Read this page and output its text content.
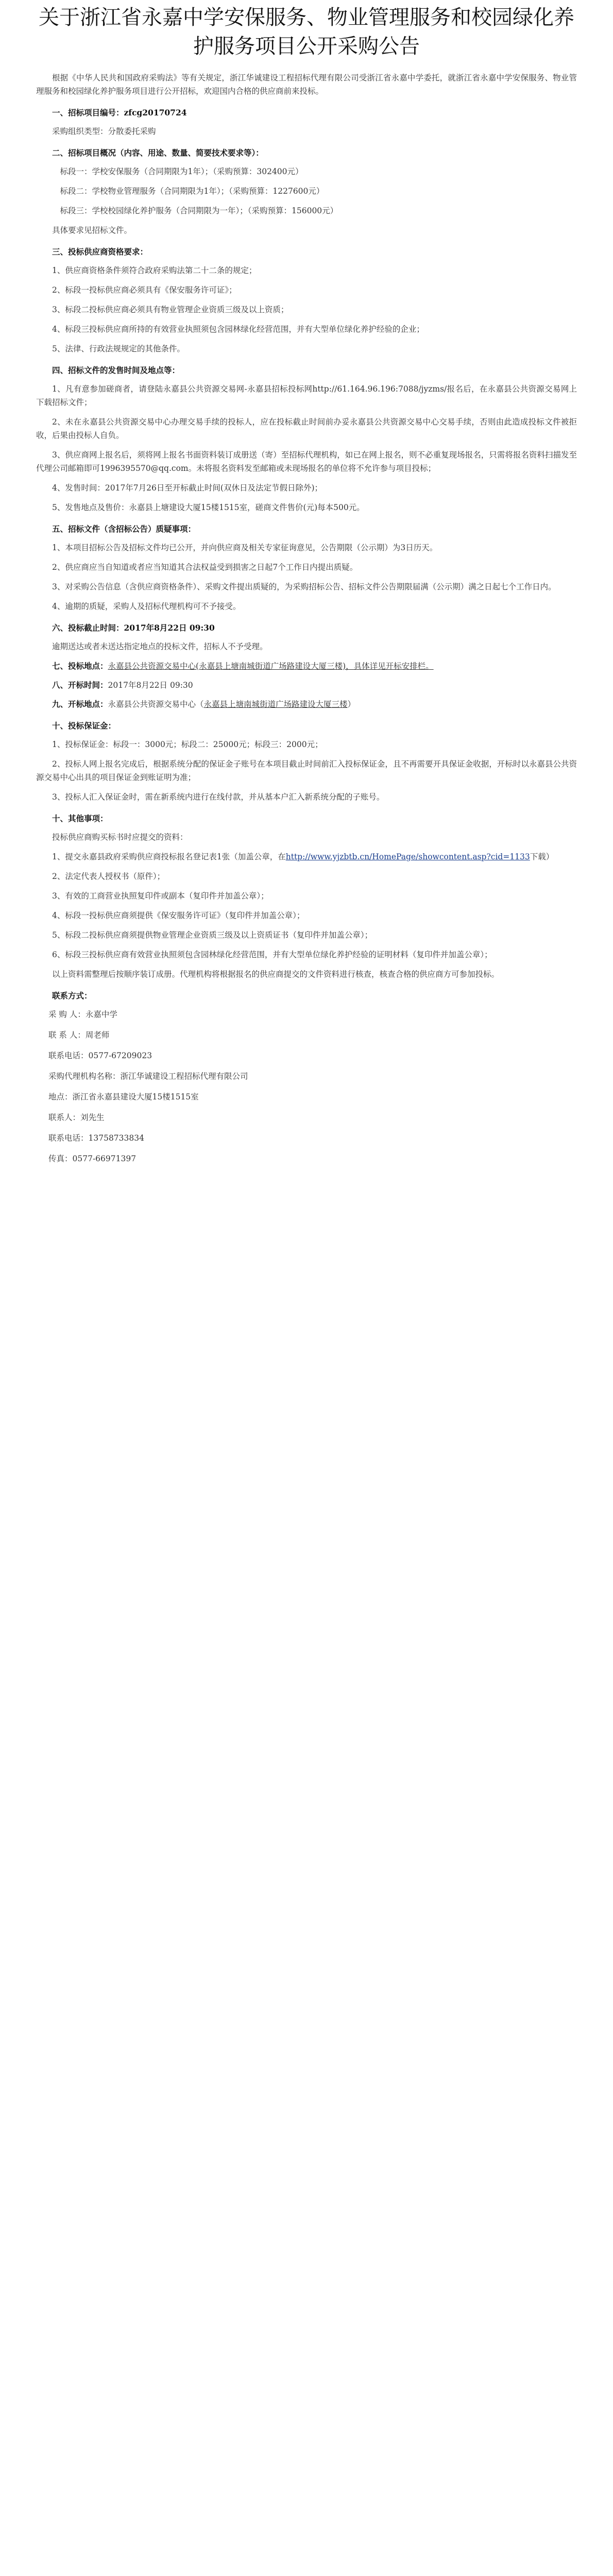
关于浙江省永嘉中学安保服务、物业管理服务和校园绿化养护服务项目公开采购公告

根据《中华人民共和国政府采购法》等有关规定，浙江华诚建设工程招标代理有限公司受浙江省永嘉中学委托，就浙江省永嘉中学安保服务、物业管理服务和校园绿化养护服务项目进行公开招标，欢迎国内合格的供应商前来投标。

一、招标项目编号：zfcg20170724

采购组织类型：分散委托采购

二、招标项目概况（内容、用途、数量、简要技术要求等）：

标段一：学校安保服务（合同期限为1年）；（采购预算：302400元）

标段二：学校物业管理服务（合同期限为1年）；（采购预算：1227600元）

标段三：学校校园绿化养护服务（合同期限为一年）；（采购预算：156000元）

具体要求见招标文件。

三、投标供应商资格要求：

1、供应商资格条件须符合政府采购法第二十二条的规定；

2、标段一投标供应商必须具有《保安服务许可证》；

3、标段二投标供应商必须具有物业管理企业资质三级及以上资质；

4、标段三投标供应商所持的有效营业执照须包含园林绿化经营范围，并有大型单位绿化养护经验的企业；

5、法律、行政法规规定的其他条件。

四、招标文件的发售时间及地点等：

1、凡有意参加磋商者，请登陆永嘉县公共资源交易网-永嘉县招标投标网http://61.164.96.196:7088/jyzms/报名后，在永嘉县公共资源交易网上下载招标文件；

2、未在永嘉县公共资源交易中心办理交易手续的投标人，应在投标截止时间前办妥永嘉县公共资源交易中心交易手续，否则由此造成投标文件被拒收，后果由投标人自负。

3、供应商网上报名后，须将网上报名书面资料装订成册送（寄）至招标代理机构，如已在网上报名，则不必重复现场报名，只需将报名资料扫描发至代理公司邮箱即可1996395570@qq.com。未将报名资料发至邮箱或未现场报名的单位将不允许参与项目投标；

4、发售时间：2017年7月26日至开标截止时间(双休日及法定节假日除外)；

5、发售地点及售价：永嘉县上塘建设大厦15楼1515室，磋商文件售价(元)每本500元。

五、招标文件（含招标公告）质疑事项：

1、本项目招标公告及招标文件均已公开，并向供应商及相关专家征询意见，公告期限（公示期）为3日历天。

2、供应商应当自知道或者应当知道其合法权益受到损害之日起7个工作日内提出质疑。

3、对采购公告信息（含供应商资格条件）、采购文件提出质疑的，为采购招标公告、招标文件公告期限届满（公示期）满之日起七个工作日内。

4、逾期的质疑，采购人及招标代理机构可不予接受。

六、投标截止时间：2017年8月22日 09:30

逾期送达或者未送达指定地点的投标文件，招标人不予受理。

七、投标地点：永嘉县公共资源交易中心(永嘉县上塘南城街道广场路建设大厦三楼)，具体详见开标安排栏。

八、开标时间：2017年8月22日 09:30

九、开标地点：永嘉县公共资源交易中心（永嘉县上塘南城街道广场路建设大厦三楼）

十、投标保证金：

1、投标保证金：标段一：3000元；标段二：25000元；标段三：2000元；

2、投标人网上报名完成后，根据系统分配的保证金子账号在本项目截止时间前汇入投标保证金，且不再需要开具保证金收据，开标时以永嘉县公共资源交易中心出具的项目保证金到账证明为准；

3、投标人汇入保证金时，需在新系统内进行在线付款，并从基本户汇入新系统分配的子账号。

十、其他事项：

投标供应商购买标书时应提交的资料：

1、提交永嘉县政府采购供应商投标报名登记表1张（加盖公章，在http://www.yjzbtb.cn/HomePage/showcontent.asp?cid=1133下载）

2、法定代表人授权书（原件）；

3、有效的工商营业执照复印件或副本（复印件并加盖公章）；

4、标段一投标供应商须提供《保安服务许可证》（复印件并加盖公章）；

5、标段二投标供应商须提供物业管理企业资质三级及以上资质证书（复印件并加盖公章）；

6、标段三投标供应商有效营业执照须包含园林绿化经营范围，并有大型单位绿化养护经验的证明材料（复印件并加盖公章）；

以上资料需整理后按顺序装订成册。代理机构将根据报名的供应商提交的文件资料进行核查，核查合格的供应商方可参加投标。

联系方式：

采 购 人：永嘉中学

联 系 人：周老师

联系电话：0577-67209023

采购代理机构名称：浙江华诚建设工程招标代理有限公司

地点：浙江省永嘉县建设大厦15楼1515室

联系人：刘先生

联系电话：13758733834

传真：0577-66971397
